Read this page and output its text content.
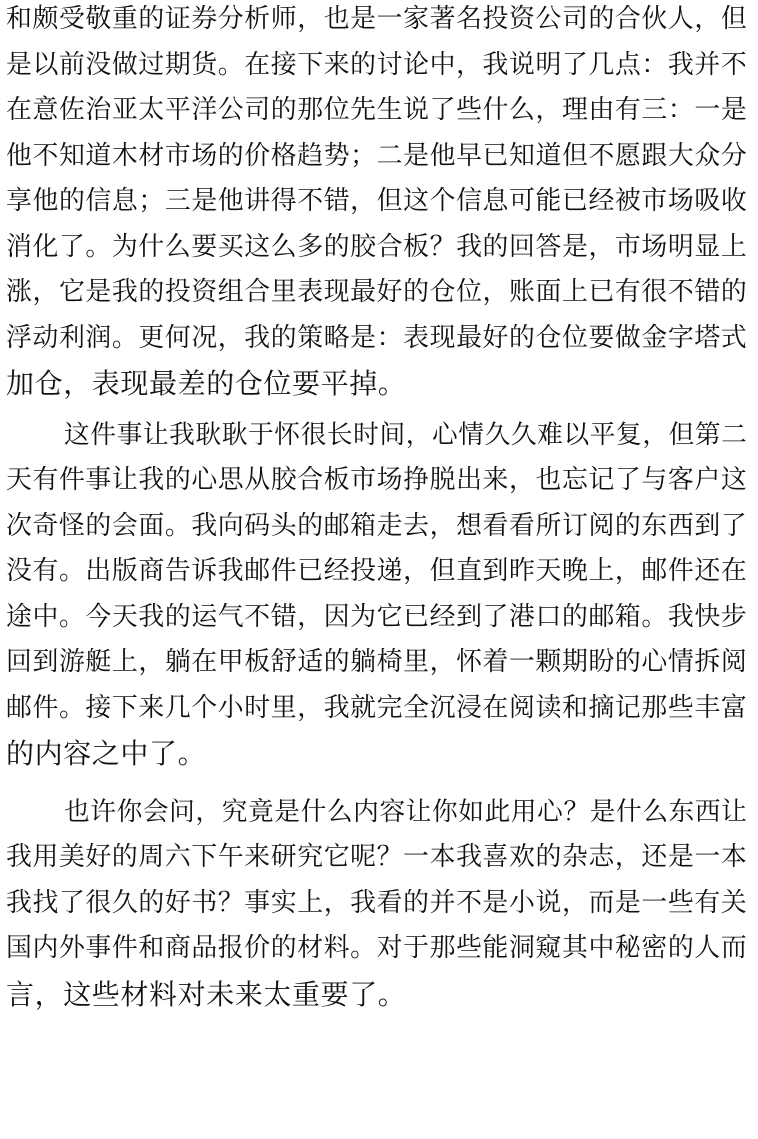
和颇受敬重的证券分析师，也是一家著名投资公司的合伙人，但
是以前没做过期货。在接下来的讨论中，我说明了几点：我并不
在意佐治亚太平洋公司的那位先生说了些什么，理由有三：一是
他不知道木材市场的价格趋势；二是他早已知道但不愿跟大众分
享他的信息；三是他讲得不错，但这个信息可能已经被市场吸收
消化了。为什么要买这么多的胶合板？我的回答是，市场明显上
涨，它是我的投资组合里表现最好的仓位，账面上已有很不错的
浮动利润。更何况，我的策略是：表现最好的仓位要做金字塔式
加仓，表现最差的仓位要平掉。
这件事让我耿耿于怀很长时间，心情久久难以平复，但第二
天有件事让我的心思从胶合板市场挣脱出来，也忘记了与客户这
次奇怪的会面。我向码头的邮箱走去，想看看所订阅的东西到了
没有。出版商告诉我邮件已经投递，但直到昨天晚上，邮件还在
途中。今天我的运气不错，因为它已经到了港口的邮箱。我快步
回到游艇上，躺在甲板舒适的躺椅里，怀着一颗期盼的心情拆阅
邮件。接下来几个小时里，我就完全沉浸在阅读和摘记那些丰富
的内容之中了。
也许你会问，究竟是什么内容让你如此用心？是什么东西让
我用美好的周六下午来研究它呢？一本我喜欢的杂志，还是一本
我找了很久的好书？事实上，我看的并不是小说，而是一些有关
国内外事件和商品报价的材料。对于那些能洞窥其中秘密的人而
言，这些材料对未来太重要了。
